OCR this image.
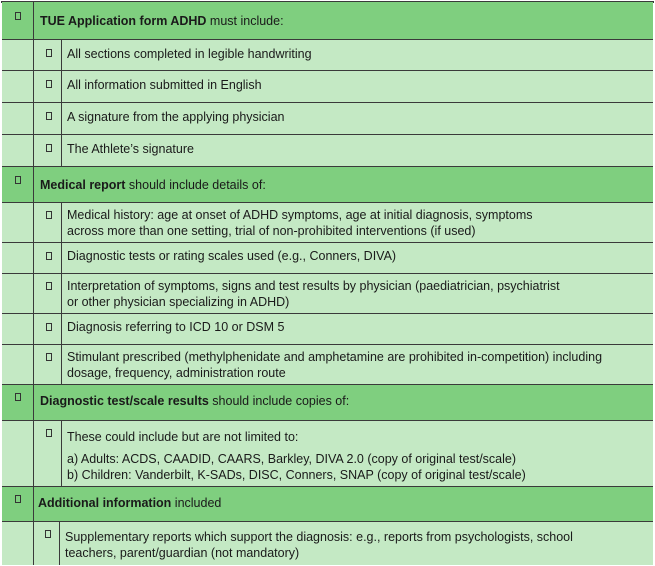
TUE Application form ADHD must include:
All sections completed in legible handwriting
All information submitted in English
A signature from the applying physician
The Athlete’s signature
Medical report should include details of:
Medical history: age at onset of ADHD symptoms, age at initial diagnosis, symptoms
across more than one setting, trial of non-prohibited interventions (if used)
Diagnostic tests or rating scales used (e.g., Conners, DIVA)
Interpretation of symptoms, signs and test results by physician (paediatrician, psychiatrist
or other physician specializing in ADHD)
Diagnosis referring to ICD 10 or DSM 5
Stimulant prescribed (methylphenidate and amphetamine are prohibited in-competition) including
dosage, frequency, administration route
Diagnostic test/scale results should include copies of:
These could include but are not limited to:
a) Adults: ACDS, CAADID, CAARS, Barkley, DIVA 2.0 (copy of original test/scale)
b) Children: Vanderbilt, K-SADs, DISC, Conners, SNAP (copy of original test/scale)
Additional information included
Supplementary reports which support the diagnosis: e.g., reports from psychologists, school
teachers, parent/guardian (not mandatory)
